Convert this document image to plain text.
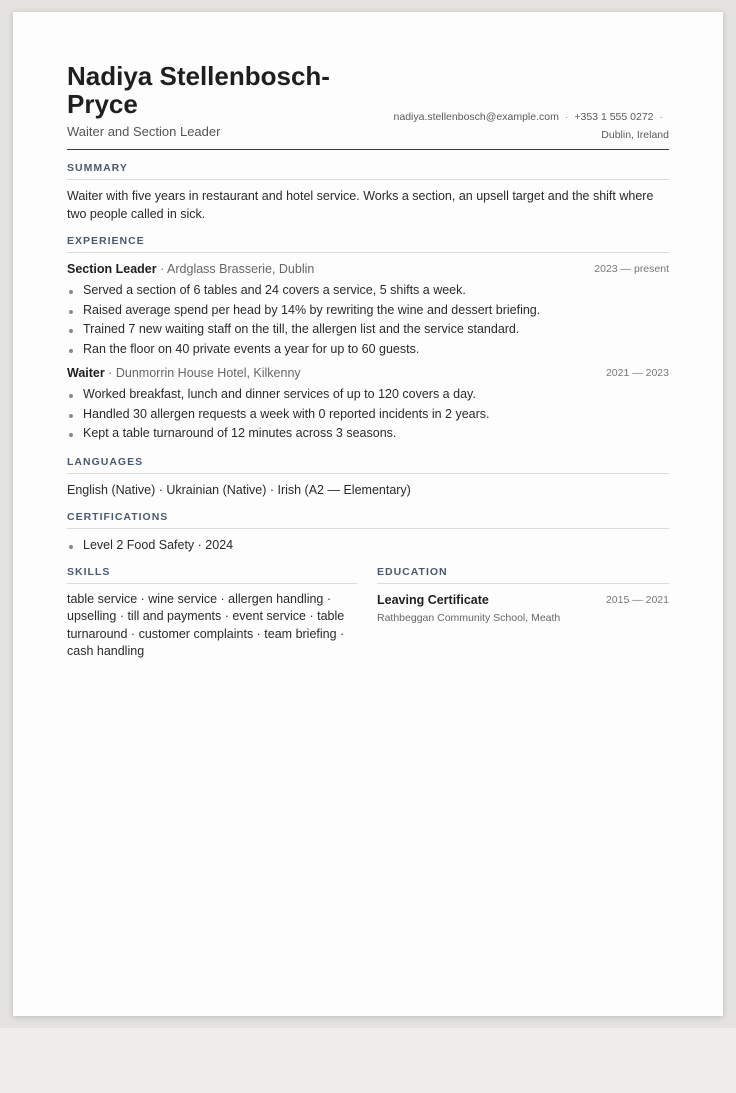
Nadiya Stellenbosch-Pryce
Waiter and Section Leader
nadiya.stellenbosch@example.com · +353 1 555 0272 ·
Dublin, Ireland
SUMMARY
Waiter with five years in restaurant and hotel service. Works a section, an upsell target and the shift where two people called in sick.
EXPERIENCE
Section Leader · Ardglass Brasserie, Dublin	2023 — present
Served a section of 6 tables and 24 covers a service, 5 shifts a week.
Raised average spend per head by 14% by rewriting the wine and dessert briefing.
Trained 7 new waiting staff on the till, the allergen list and the service standard.
Ran the floor on 40 private events a year for up to 60 guests.
Waiter · Dunmorrin House Hotel, Kilkenny	2021 — 2023
Worked breakfast, lunch and dinner services of up to 120 covers a day.
Handled 30 allergen requests a week with 0 reported incidents in 2 years.
Kept a table turnaround of 12 minutes across 3 seasons.
LANGUAGES
English (Native) · Ukrainian (Native) · Irish (A2 — Elementary)
CERTIFICATIONS
Level 2 Food Safety · 2024
SKILLS
table service · wine service · allergen handling · upselling · till and payments · event service · table turnaround · customer complaints · team briefing · cash handling
EDUCATION
Leaving Certificate	2015 — 2021
Rathbeggan Community School, Meath
